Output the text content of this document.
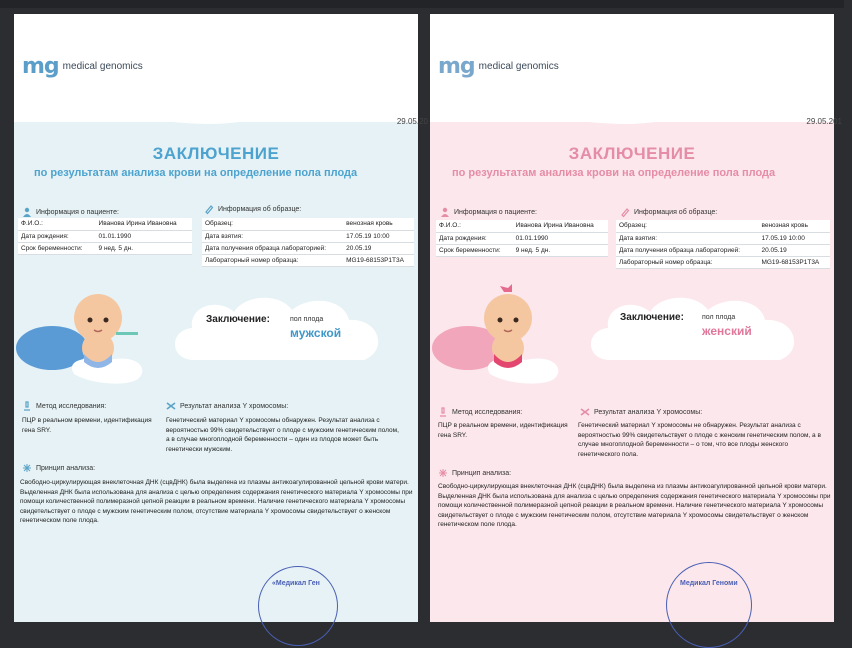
mg medical genomics
29.05.20
ЗАКЛЮЧЕНИЕ
по результатам анализа крови на определение пола плода
Информация о пациенте:
Ф.И.О.:	Иванова Ирина Ивановна
Дата рождения:	01.01.1990
Срок беременности:	9 нед. 5 дн.
Информация об образце:
Образец:	венозная кровь
Дата взятия:	17.05.19 10:00
Дата получения образца лабораторией:	20.05.19
Лабораторный номер образца:	MG19-68153P1T3A
Заключение:	пол плода
мужской
Метод исследования:
ПЦР в реальном времени, идентификация гена SRY.
Результат анализа Y хромосомы:
Генетический материал Y хромосомы обнаружен. Результат анализа с вероятностью 99% свидетельствует о плоде с мужским генетическим полом, а в случае многоплодной беременности – один из плодов может быть генетически мужским.
Принцип анализа:
Свободно-циркулирующая внеклеточная ДНК (сцвДНК) была выделена из плазмы антикоагулированной цельной крови матери. Выделенная ДНК была использована для анализа с целью определения содержания генетического материала Y хромосомы при помощи количественной полимеразной цепной реакции в реальном времени. Наличие генетического материала Y хромосомы свидетельствует о плоде с мужским генетическим полом, отсутствие материала Y хромосомы свидетельствует о женском генетическом поле плода.
«Медикал Ген
mg medical genomics
29.05.201
ЗАКЛЮЧЕНИЕ
по результатам анализа крови на определение пола плода
Информация о пациенте:
Ф.И.О.:	Иванова Ирина Ивановна
Дата рождения:	01.01.1990
Срок беременности:	9 нед. 5 дн.
Информация об образце:
Образец:	венозная кровь
Дата взятия:	17.05.19 10:00
Дата получения образца лабораторией:	20.05.19
Лабораторный номер образца:	MG19-68153P1T3A
Заключение:	пол плода
женский
Метод исследования:
ПЦР в реальном времени, идентификация гена SRY.
Результат анализа Y хромосомы:
Генетический материал Y хромосомы не обнаружен. Результат анализа с вероятностью 99% свидетельствует о плоде с женским генетическим полом, а в случае многоплодной беременности – о том, что все плоды женского генетического пола.
Принцип анализа:
Свободно-циркулирующая внеклеточная ДНК (сцвДНК) была выделена из плазмы антикоагулированной цельной крови матери. Выделенная ДНК была использована для анализа с целью определения содержания генетического материала Y хромосомы при помощи количественной полимеразной цепной реакции в реальном времени. Наличие генетического материала Y хромосомы свидетельствует о плоде с мужским генетическим полом, отсутствие материала Y хромосомы свидетельствует о женском генетическом поле плода.
Медикал Геноми
